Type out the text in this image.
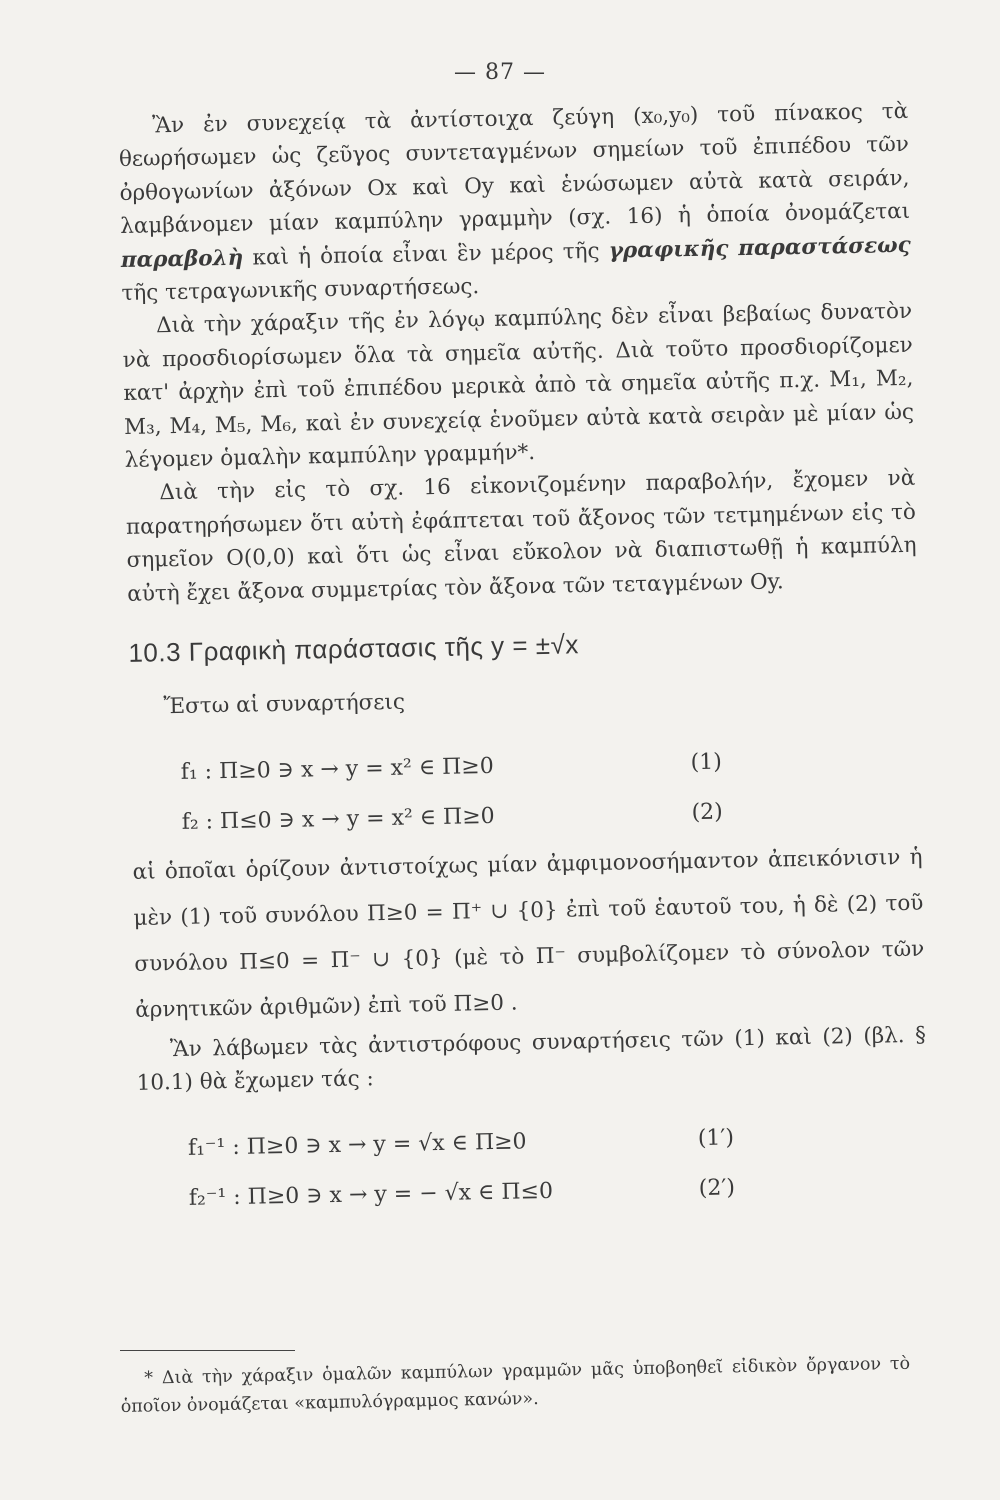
— 87 —

Ἂν ἐν συνεχείᾳ τὰ ἀντίστοιχα ζεύγη (x₀,y₀) τοῦ πίνακος τὰ θεωρήσωμεν ὡς ζεῦγος συντεταγμένων σημείων τοῦ ἐπιπέδου τῶν ὀρθογωνίων ἀξόνων Ox καὶ Oy καὶ ἑνώσωμεν αὐτὰ κατὰ σειράν, λαμβάνομεν μίαν καμπύλην γραμμὴν (σχ. 16) ἡ ὁποία ὀνομάζεται παραβολὴ καὶ ἡ ὁποία εἶναι ἓν μέρος τῆς γραφικῆς παραστάσεως τῆς τετραγωνικῆς συναρτήσεως.

Διὰ τὴν χάραξιν τῆς ἐν λόγῳ καμπύλης δὲν εἶναι βεβαίως δυνατὸν νὰ προσδιορίσωμεν ὅλα τὰ σημεῖα αὐτῆς. Διὰ τοῦτο προσδιορίζομεν κατ' ἀρχὴν ἐπὶ τοῦ ἐπιπέδου μερικὰ ἀπὸ τὰ σημεῖα αὐτῆς π.χ. M₁, M₂, M₃, M₄, M₅, M₆, καὶ ἐν συνεχείᾳ ἑνοῦμεν αὐτὰ κατὰ σειρὰν μὲ μίαν ὡς λέγομεν ὁμαλὴν καμπύλην γραμμήν*.

Διὰ τὴν εἰς τὸ σχ. 16 εἰκονιζομένην παραβολήν, ἔχομεν νὰ παρατηρήσωμεν ὅτι αὐτὴ ἐφάπτεται τοῦ ἄξονος τῶν τετμημένων εἰς τὸ σημεῖον O(0,0) καὶ ὅτι ὡς εἶναι εὔκολον νὰ διαπιστωθῇ ἡ καμπύλη αὐτὴ ἔχει ἄξονα συμμετρίας τὸν ἄξονα τῶν τεταγμένων Oy.

10.3 Γραφικὴ παράστασις τῆς y = ±√x

Ἔστω αἱ συναρτήσεις

f₁ : Π≥0 ∋ x → y = x² ∈ Π≥0	(1)
f₂ : Π≤0 ∋ x → y = x² ∈ Π≥0	(2)

αἱ ὁποῖαι ὁρίζουν ἀντιστοίχως μίαν ἀμφιμονοσήμαντον ἀπεικόνισιν ἡ μὲν (1) τοῦ συνόλου Π≥0 = Π⁺ ∪ {0} ἐπὶ τοῦ ἑαυτοῦ του, ἡ δὲ (2) τοῦ συνόλου Π≤0 = Π⁻ ∪ {0} (μὲ τὸ Π⁻ συμβολίζομεν τὸ σύνολον τῶν ἀρνητικῶν ἀριθμῶν) ἐπὶ τοῦ Π≥0 .

Ἂν λάβωμεν τὰς ἀντιστρόφους συναρτήσεις τῶν (1) καὶ (2) (βλ. § 10.1) θὰ ἔχωμεν τάς :

f₁⁻¹ : Π≥0 ∋ x → y = √x ∈ Π≥0	(1′)
f₂⁻¹ : Π≥0 ∋ x → y = − √x ∈ Π≤0	(2′)

* Διὰ τὴν χάραξιν ὁμαλῶν καμπύλων γραμμῶν μᾶς ὑποβοηθεῖ εἰδικὸν ὄργανον τὸ ὁποῖον ὀνομάζεται «καμπυλόγραμμος κανών».
